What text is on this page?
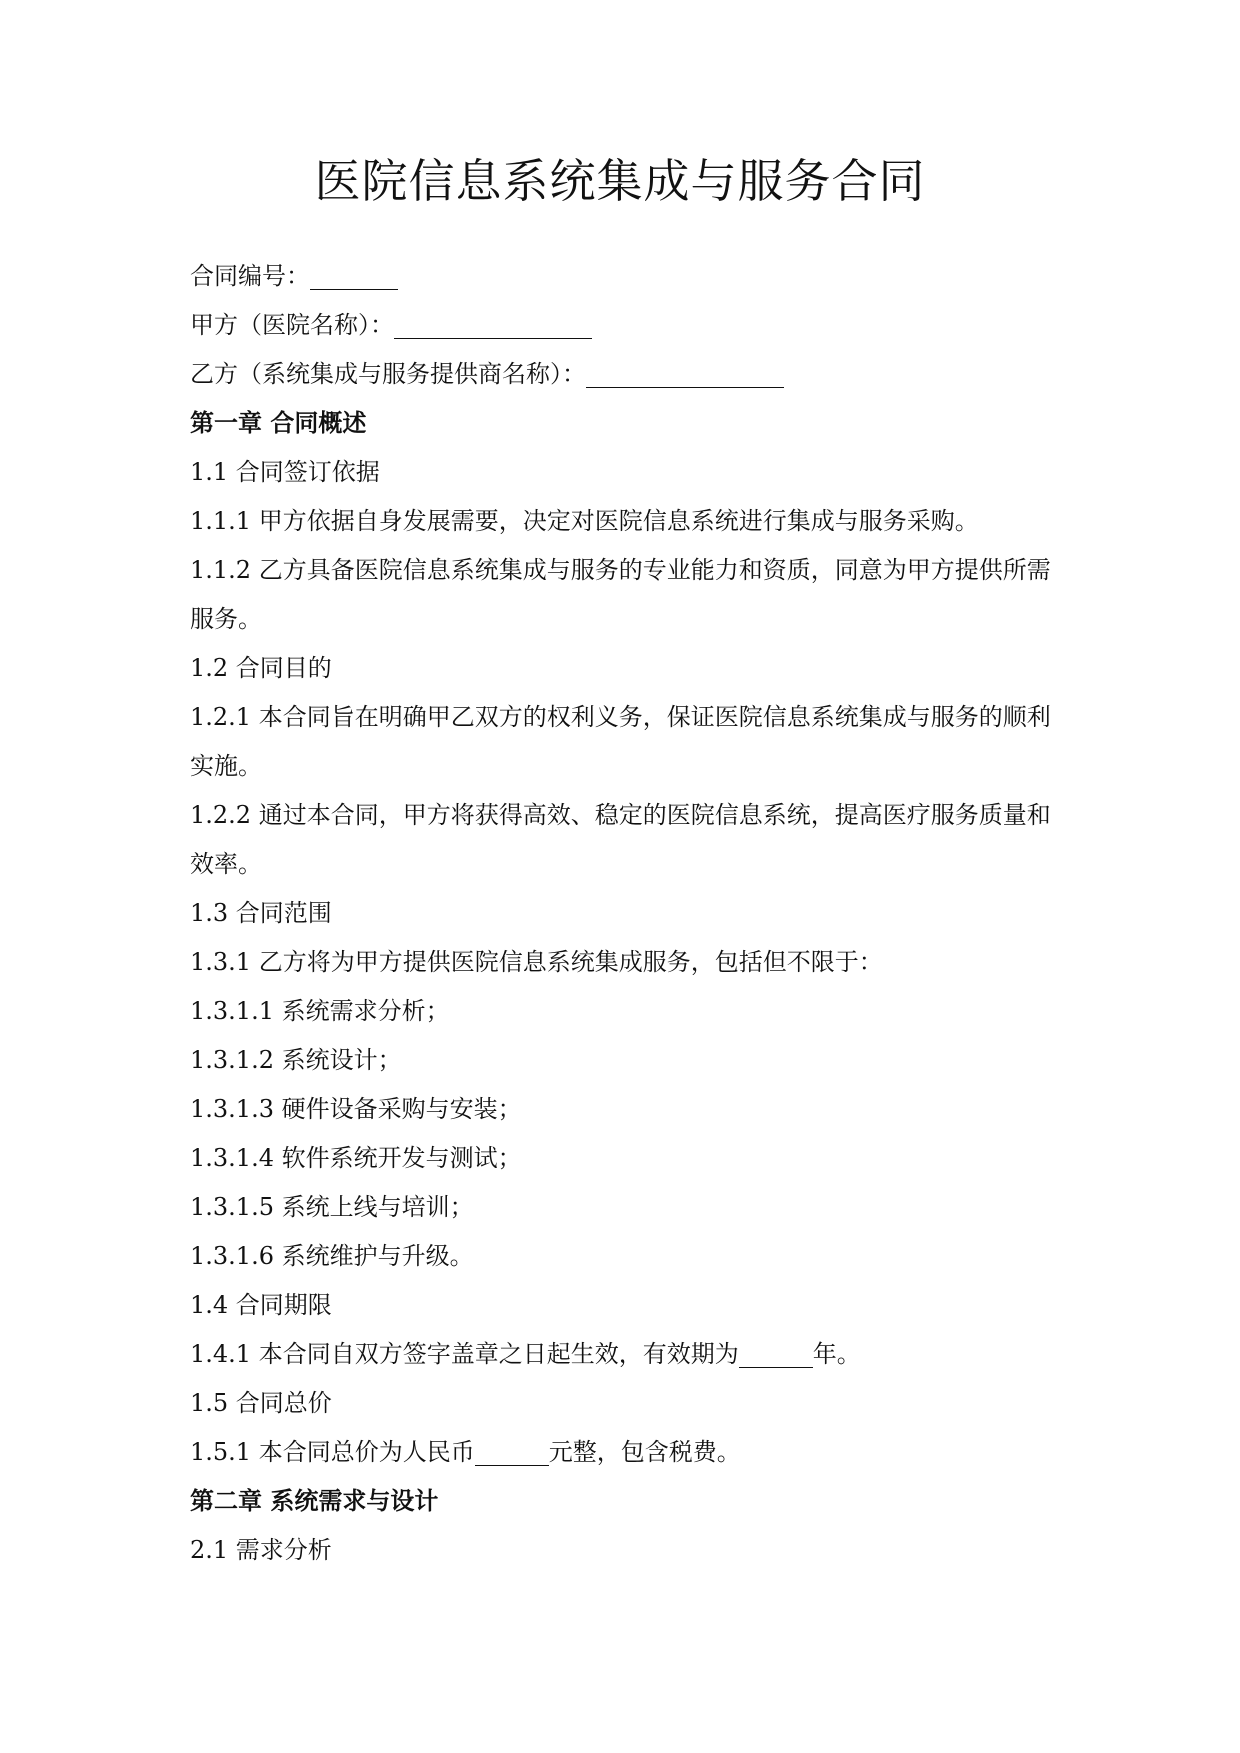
医院信息系统集成与服务合同

合同编号：

甲方（医院名称）：

乙方（系统集成与服务提供商名称）：

第一章 合同概述

1.1 合同签订依据

1.1.1 甲方依据自身发展需要，决定对医院信息系统进行集成与服务采购。

1.1.2 乙方具备医院信息系统集成与服务的专业能力和资质，同意为甲方提供所需服务。

1.2 合同目的

1.2.1 本合同旨在明确甲乙双方的权利义务，保证医院信息系统集成与服务的顺利实施。

1.2.2 通过本合同，甲方将获得高效、稳定的医院信息系统，提高医疗服务质量和效率。

1.3 合同范围

1.3.1 乙方将为甲方提供医院信息系统集成服务，包括但不限于：

1.3.1.1 系统需求分析；

1.3.1.2 系统设计；

1.3.1.3 硬件设备采购与安装；

1.3.1.4 软件系统开发与测试；

1.3.1.5 系统上线与培训；

1.3.1.6 系统维护与升级。

1.4 合同期限

1.4.1 本合同自双方签字盖章之日起生效，有效期为	年。

1.5 合同总价

1.5.1 本合同总价为人民币	元整，包含税费。

第二章 系统需求与设计

2.1 需求分析
